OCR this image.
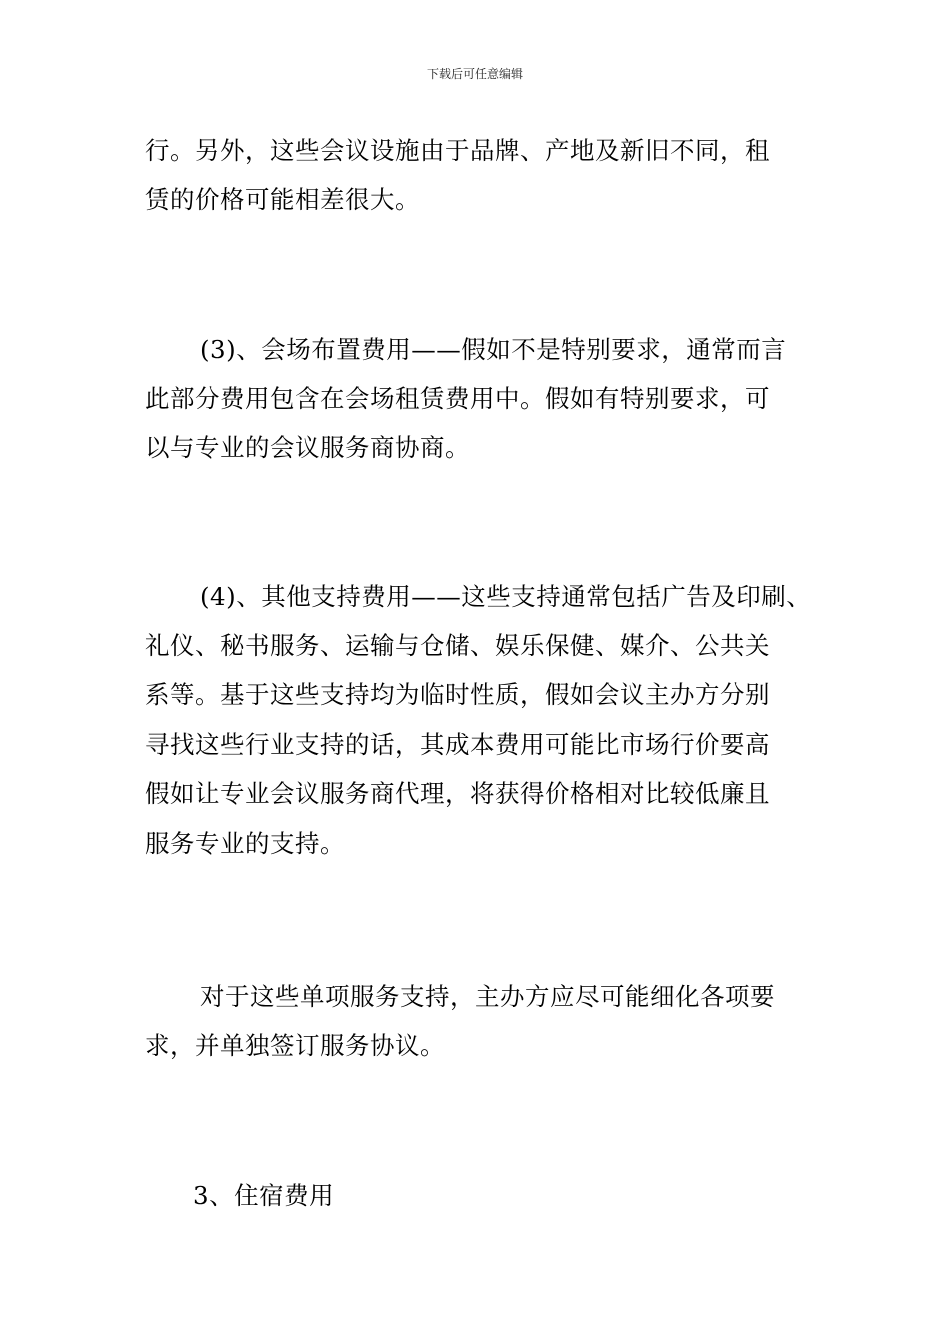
下载后可任意编辑
行。另外，这些会议设施由于品牌、产地及新旧不同，租
赁的价格可能相差很大。
(3)、会场布置费用——假如不是特别要求，通常而言
此部分费用包含在会场租赁费用中。假如有特别要求，可
以与专业的会议服务商协商。
(4)、其他支持费用——这些支持通常包括广告及印刷、
礼仪、秘书服务、运输与仓储、娱乐保健、媒介、公共关
系等。基于这些支持均为临时性质，假如会议主办方分别
寻找这些行业支持的话，其成本费用可能比市场行价要高
假如让专业会议服务商代理，将获得价格相对比较低廉且
服务专业的支持。
对于这些单项服务支持，主办方应尽可能细化各项要
求，并单独签订服务协议。
3、住宿费用
